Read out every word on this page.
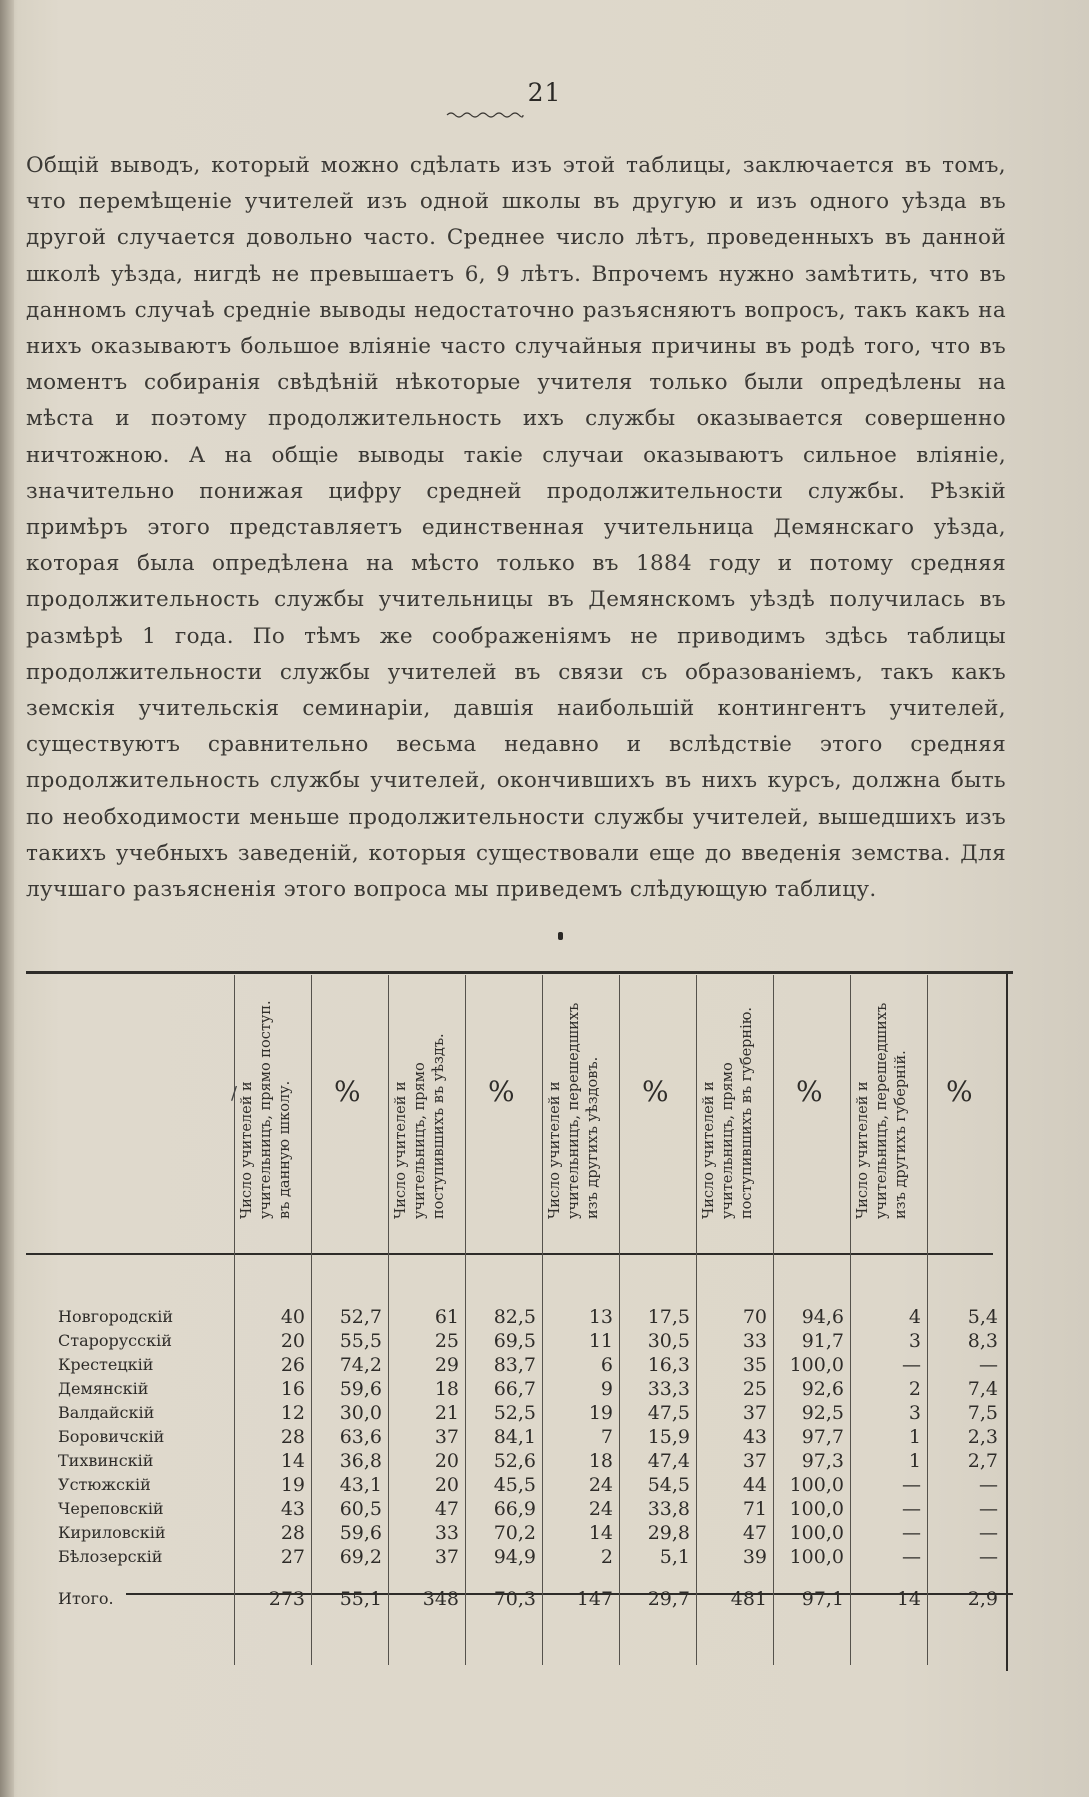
21
Общій выводъ, который можно сдѣлать изъ этой таблицы, заключается въ томъ, что перемѣщеніе учителей изъ одной школы въ другую и изъ одного уѣзда въ другой случается довольно часто. Среднее число лѣтъ, проведенныхъ въ данной школѣ уѣзда, нигдѣ не превышаетъ 6, 9 лѣтъ. Впрочемъ нужно замѣтить, что въ данномъ случаѣ средніе выводы недостаточно разъясняютъ вопросъ, такъ какъ на нихъ оказываютъ большое вліяніе часто случайныя причины въ родѣ того, что въ моментъ собиранія свѣдѣній нѣкоторые учителя только были опредѣлены на мѣста и поэтому продолжительность ихъ службы оказывается совершенно ничтожною. А на общіе выводы такіе случаи оказываютъ сильное вліяніе, значительно понижая цифру средней продолжительности службы. Рѣзкій примѣръ этого представляетъ единственная учительница Демянскаго уѣзда, которая была опредѣлена на мѣсто только въ 1884 году и потому средняя продолжительность службы учительницы въ Демянскомъ уѣздѣ получилась въ размѣрѣ 1 года. По тѣмъ же соображеніямъ не приводимъ здѣсь таблицы продолжительности службы учителей въ связи съ образованіемъ, такъ какъ земскія учительскія семинаріи, давшія наибольшій контингентъ учителей, существуютъ сравнительно весьма недавно и вслѣдствіе этого средняя продолжительность службы учителей, окончившихъ въ нихъ курсъ, должна быть по необходимости меньше продолжительности службы учителей, вышедшихъ изъ такихъ учебныхъ заведеній, которыя существовали еще до введенія земства. Для лучшаго разъясненія этого вопроса мы приведемъ слѣдующую таблицу.
/ Число учителей и учительницъ, прямо поступ. въ данную школу.	% Число учителей и учительницъ, прямо поступившихъ въ уѣздъ.	% Число учителей и учительницъ, перешедшихъ изъ другихъ уѣздовъ.	% Число учителей и учительницъ, прямо поступившихъ въ губернію.	% Число учителей и учительницъ, перешедшихъ изъ другихъ губерній.	%
Новгородскій	40	52,7	61	82,5	13	17,5	70	94,6	4	5,4
Старорусскій	20	55,5	25	69,5	11	30,5	33	91,7	3	8,3
Крестецкій	26	74,2	29	83,7	6	16,3	35	100,0	—	—
Демянскій	16	59,6	18	66,7	9	33,3	25	92,6	2	7,4
Валдайскій	12	30,0	21	52,5	19	47,5	37	92,5	3	7,5
Боровичскій	28	63,6	37	84,1	7	15,9	43	97,7	1	2,3
Тихвинскій	14	36,8	20	52,6	18	47,4	37	97,3	1	2,7
Устюжскій	19	43,1	20	45,5	24	54,5	44	100,0	—	—
Череповскій	43	60,5	47	66,9	24	33,8	71	100,0	—	—
Кириловскій	28	59,6	33	70,2	14	29,8	47	100,0	—	—
Бѣлозерскій	27	69,2	37	94,9	2	5,1	39	100,0	—	—

Итого.	273	55,1	348	70,3	147	29,7	481	97,1	14	2,9
